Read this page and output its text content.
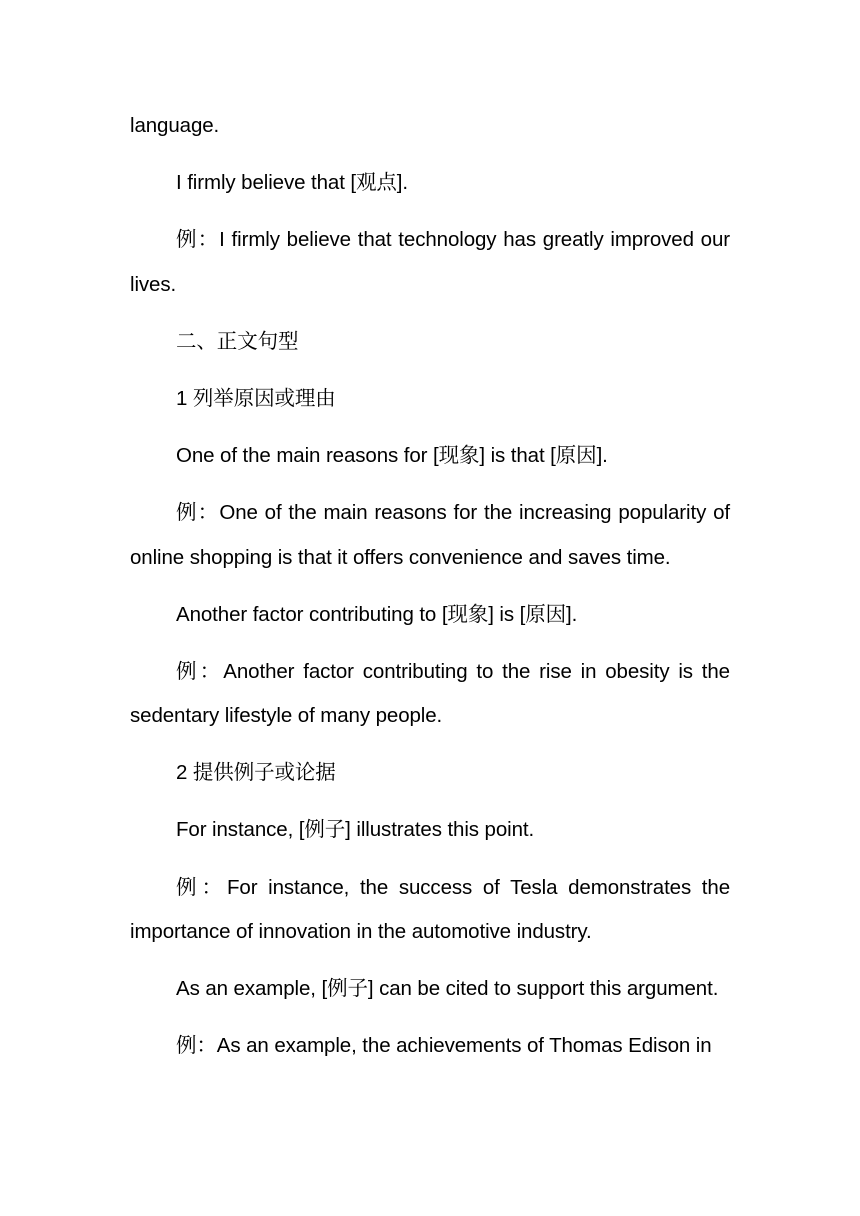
language.

I firmly believe that [观点].

例：I firmly believe that technology has greatly improved our lives.

二、正文句型

1 列举原因或理由

One of the main reasons for [现象] is that [原因].

例：One of the main reasons for the increasing popularity of online shopping is that it offers convenience and saves time.

Another factor contributing to [现象] is [原因].

例：Another factor contributing to the rise in obesity is the sedentary lifestyle of many people.

2 提供例子或论据

For instance, [例子] illustrates this point.

例：For instance, the success of Tesla demonstrates the importance of innovation in the automotive industry.

As an example, [例子] can be cited to support this argument.

例：As an example, the achievements of Thomas Edison in
